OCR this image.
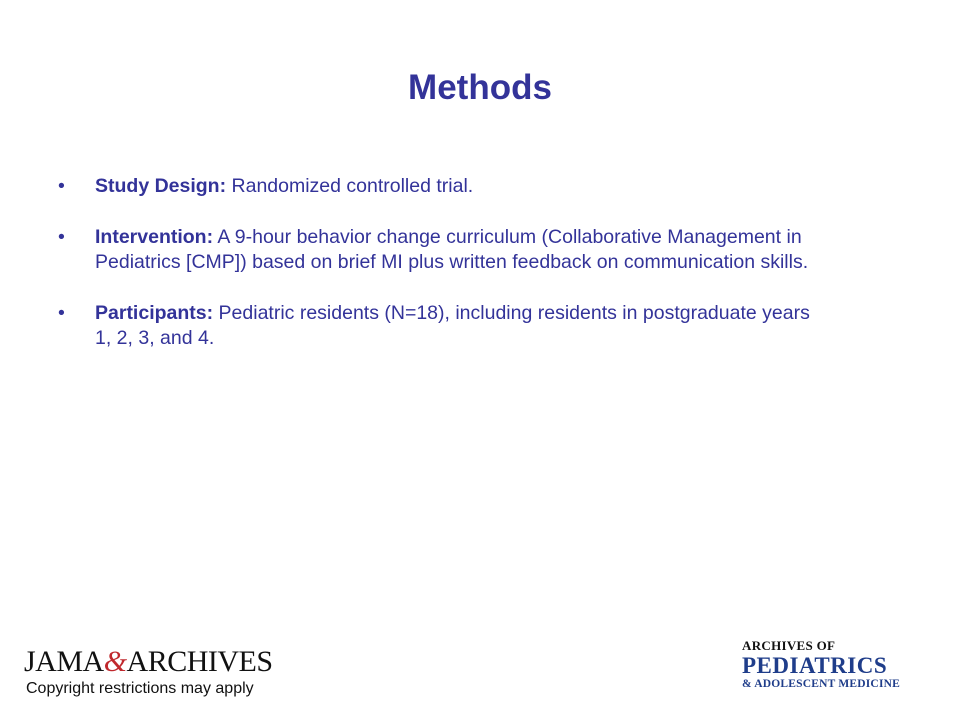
Methods
• Study Design: Randomized controlled trial.
• Intervention: A 9-hour behavior change curriculum (Collaborative Management in Pediatrics [CMP]) based on brief MI plus written feedback on communication skills.
• Participants: Pediatric residents (N=18), including residents in postgraduate years 1, 2, 3, and 4.
JAMA&ARCHIVES
Copyright restrictions may apply
ARCHIVES OF
PEDIATRICS
& ADOLESCENT MEDICINE
